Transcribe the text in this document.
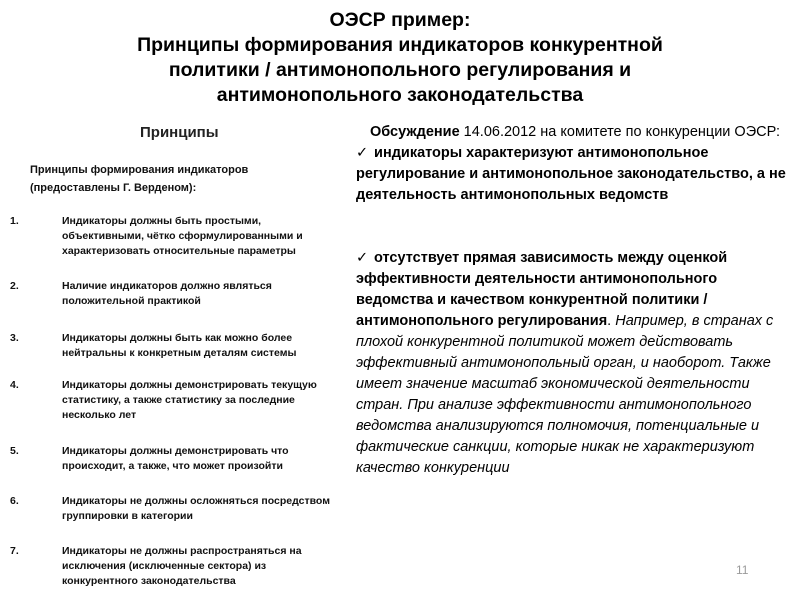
ОЭСР пример:
Принципы формирования индикаторов конкурентной
политики / антимонопольного регулирования и
антимонопольного законодательства
Принципы
Принципы формирования индикаторов
(предоставлены Г. Верденом):
1.	Индикаторы должны быть простыми, объективными, чётко сформулированными и характеризовать относительные параметры
2.	Наличие индикаторов должно являться положительной практикой
3.	Индикаторы должны быть как можно более нейтральны к конкретным деталям системы
4.	Индикаторы должны демонстрировать текущую статистику, а также статистику за последние несколько лет
5.	Индикаторы должны демонстрировать что происходит, а также, что может произойти
6.	Индикаторы не должны осложняться посредством группировки в категории
7.	Индикаторы не должны распространяться на исключения (исключенные сектора) из конкурентного законодательства
Обсуждение 14.06.2012 на комитете по конкуренции ОЭСР:
✓ индикаторы характеризуют антимонопольное регулирование и антимонопольное законодательство, а не деятельность антимонопольных ведомств
✓ отсутствует прямая зависимость между оценкой эффективности деятельности антимонопольного ведомства и качеством конкурентной политики / антимонопольного регулирования. Например, в странах с плохой конкурентной политикой может действовать эффективный антимонопольный орган, и наоборот. Также имеет значение масштаб экономической деятельности стран. При анализе эффективности антимонопольного ведомства анализируются полномочия, потенциальные и фактические санкции, которые никак не характеризуют качество конкуренции
11
